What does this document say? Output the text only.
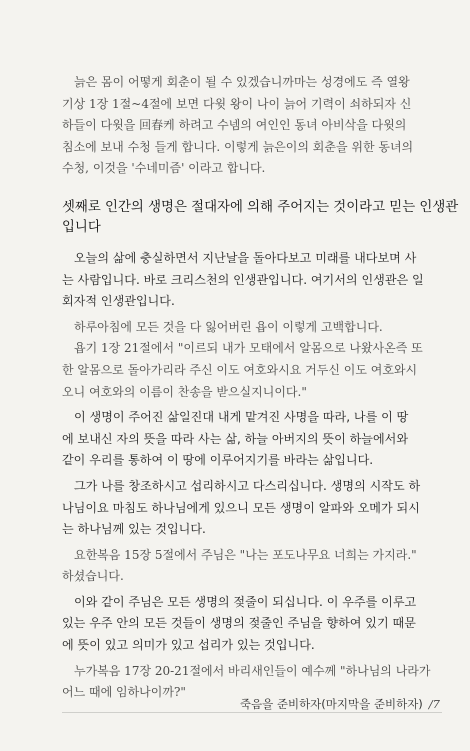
늙은 몸이 어떻게 회춘이 될 수 있겠습니까마는 성경에도 즉 열왕
기상 1장 1절~4절에 보면 다윗 왕이 나이 늙어 기력이 쇠하되자 신
하들이 다윗을 回春케 하려고 수넴의 여인인 동녀 아비삭을 다윗의
침소에 보내 수청 들게 합니다. 이렇게 늙은이의 회춘을 위한 동녀의
수청, 이것을 '수네미즘' 이라고 합니다.
셋째로 인간의 생명은 절대자에 의해 주어지는 것이라고 믿는 인생관
입니다
오늘의 삶에 충실하면서 지난날을 돌아다보고 미래를 내다보며 사
는 사람입니다. 바로 크리스천의 인생관입니다. 여기서의 인생관은 일
회자적 인생관입니다.
하루아침에 모든 것을 다 잃어버린 욥이 이렇게 고백합니다.
욥기 1장 21절에서 "이르되 내가 모태에서 알몸으로 나왔사온즉 또
한 알몸으로 돌아가리라 주신 이도 여호와시요 거두신 이도 여호와시
오니 여호와의 이름이 찬송을 받으실지니이다."
이 생명이 주어진 삶일진대 내게 맡겨진 사명을 따라, 나를 이 땅
에 보내신 자의 뜻을 따라 사는 삶, 하늘 아버지의 뜻이 하늘에서와
같이 우리를 통하여 이 땅에 이루어지기를 바라는 삶입니다.
그가 나를 창조하시고 섭리하시고 다스리십니다. 생명의 시작도 하
나님이요 마침도 하나님에게 있으니 모든 생명이 알파와 오메가 되시
는 하나님께 있는 것입니다.
요한복음 15장 5절에서 주님은 "나는 포도나무요 너희는 가지라."
하셨습니다.
이와 같이 주님은 모든 생명의 젖줄이 되십니다. 이 우주를 이루고
있는 우주 안의 모든 것들이 생명의 젖줄인 주님을 향하여 있기 때문
에 뜻이 있고 의미가 있고 섭리가 있는 것입니다.
누가복음 17장 20-21절에서 바리새인들이 예수께 "하나님의 나라가
어느 때에 임하나이까?"
죽음을 준비하자(마지막을 준비하자) /7
